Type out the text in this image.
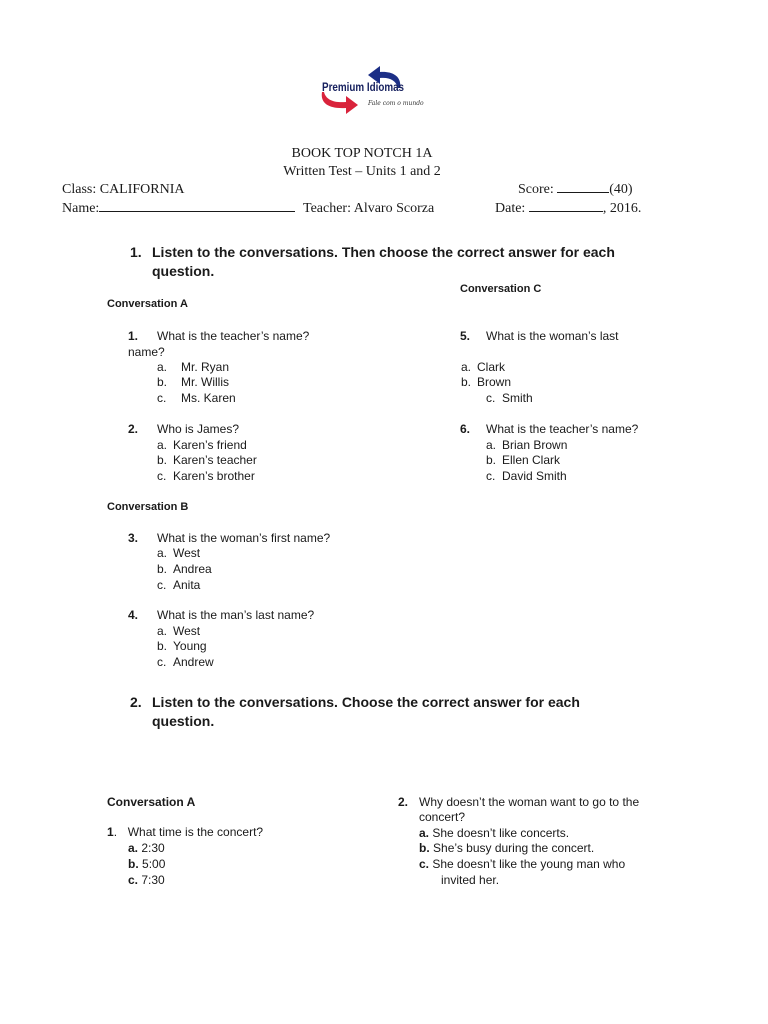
Premium Idiomas
Fale com o mundo
BOOK TOP NOTCH 1A
Written Test – Units 1 and 2
Class: CALIFORNIA	Score:	(40)
Name:	Teacher: Alvaro Scorza	Date:	, 2016.
1. Listen to the conversations. Then choose the correct answer for each
question.
Conversation A
Conversation C
1. What is the teacher’s name?
name?
a. Mr. Ryan
b. Mr. Willis
c. Ms. Karen
2. Who is James?
a. Karen’s friend
b. Karen’s teacher
c. Karen’s brother
Conversation B
3. What is the woman’s first name?
a. West
b. Andrea
c. Anita
4. What is the man’s last name?
a. West
b. Young
c. Andrew
5. What is the woman’s last
a. Clark
b. Brown
c. Smith
6. What is the teacher’s name?
a. Brian Brown
b. Ellen Clark
c. David Smith
2. Listen to the conversations. Choose the correct answer for each
question.
Conversation A
1. What time is the concert?
a. 2:30
b. 5:00
c. 7:30
2. Why doesn’t the woman want to go to the
concert?
a. She doesn’t like concerts.
b. She’s busy during the concert.
c. She doesn’t like the young man who
invited her.
